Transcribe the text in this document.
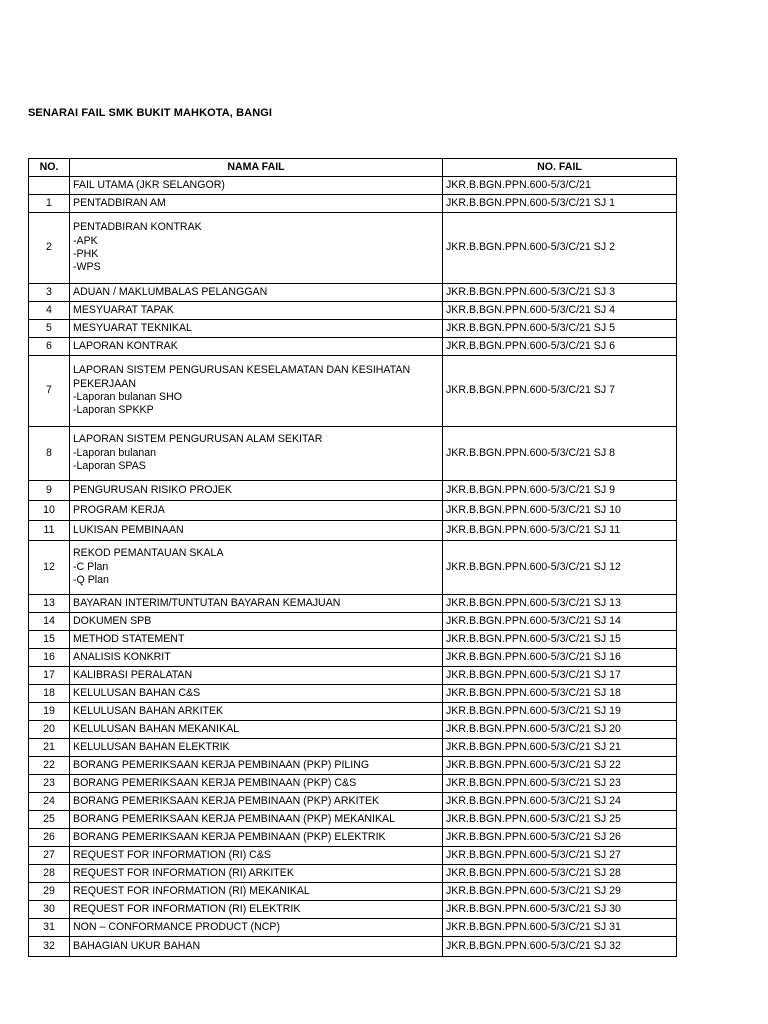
SENARAI FAIL SMK BUKIT MAHKOTA, BANGI
NO.	NAMA FAIL	NO. FAIL

	FAIL UTAMA (JKR SELANGOR)	JKR.B.BGN.PPN.600-5/3/C/21
1	PENTADBIRAN AM	JKR.B.BGN.PPN.600-5/3/C/21 SJ 1
2	PENTADBIRAN KONTRAK
-APK
-PHK
-WPS	JKR.B.BGN.PPN.600-5/3/C/21 SJ 2
3	ADUAN / MAKLUMBALAS PELANGGAN	JKR.B.BGN.PPN.600-5/3/C/21 SJ 3
4	MESYUARAT TAPAK	JKR.B.BGN.PPN.600-5/3/C/21 SJ 4
5	MESYUARAT TEKNIKAL	JKR.B.BGN.PPN.600-5/3/C/21 SJ 5
6	LAPORAN KONTRAK	JKR.B.BGN.PPN.600-5/3/C/21 SJ 6
7	LAPORAN SISTEM PENGURUSAN KESELAMATAN DAN KESIHATAN
PEKERJAAN
-Laporan bulanan SHO
-Laporan SPKKP	JKR.B.BGN.PPN.600-5/3/C/21 SJ 7
8	LAPORAN SISTEM PENGURUSAN ALAM SEKITAR
-Laporan bulanan
-Laporan SPAS	JKR.B.BGN.PPN.600-5/3/C/21 SJ 8
9	PENGURUSAN RISIKO PROJEK	JKR.B.BGN.PPN.600-5/3/C/21 SJ 9
10	PROGRAM KERJA	JKR.B.BGN.PPN.600-5/3/C/21 SJ 10
11	LUKISAN PEMBINAAN	JKR.B.BGN.PPN.600-5/3/C/21 SJ 11
12	REKOD PEMANTAUAN SKALA
-C Plan
-Q Plan	JKR.B.BGN.PPN.600-5/3/C/21 SJ 12
13	BAYARAN INTERIM/TUNTUTAN BAYARAN KEMAJUAN	JKR.B.BGN.PPN.600-5/3/C/21 SJ 13
14	DOKUMEN SPB	JKR.B.BGN.PPN.600-5/3/C/21 SJ 14
15	METHOD STATEMENT	JKR.B.BGN.PPN.600-5/3/C/21 SJ 15
16	ANALISIS KONKRIT	JKR.B.BGN.PPN.600-5/3/C/21 SJ 16
17	KALIBRASI PERALATAN	JKR.B.BGN.PPN.600-5/3/C/21 SJ 17
18	KELULUSAN BAHAN C&S	JKR.B.BGN.PPN.600-5/3/C/21 SJ 18
19	KELULUSAN BAHAN ARKITEK	JKR.B.BGN.PPN.600-5/3/C/21 SJ 19
20	KELULUSAN BAHAN MEKANIKAL	JKR.B.BGN.PPN.600-5/3/C/21 SJ 20
21	KELULUSAN BAHAN ELEKTRIK	JKR.B.BGN.PPN.600-5/3/C/21 SJ 21
22	BORANG PEMERIKSAAN KERJA PEMBINAAN (PKP) PILING	JKR.B.BGN.PPN.600-5/3/C/21 SJ 22
23	BORANG PEMERIKSAAN KERJA PEMBINAAN (PKP) C&S	JKR.B.BGN.PPN.600-5/3/C/21 SJ 23
24	BORANG PEMERIKSAAN KERJA PEMBINAAN (PKP) ARKITEK	JKR.B.BGN.PPN.600-5/3/C/21 SJ 24
25	BORANG PEMERIKSAAN KERJA PEMBINAAN (PKP) MEKANIKAL	JKR.B.BGN.PPN.600-5/3/C/21 SJ 25
26	BORANG PEMERIKSAAN KERJA PEMBINAAN (PKP) ELEKTRIK	JKR.B.BGN.PPN.600-5/3/C/21 SJ 26
27	REQUEST FOR INFORMATION (RI) C&S	JKR.B.BGN.PPN.600-5/3/C/21 SJ 27
28	REQUEST FOR INFORMATION (RI) ARKITEK	JKR.B.BGN.PPN.600-5/3/C/21 SJ 28
29	REQUEST FOR INFORMATION (RI) MEKANIKAL	JKR.B.BGN.PPN.600-5/3/C/21 SJ 29
30	REQUEST FOR INFORMATION (RI) ELEKTRIK	JKR.B.BGN.PPN.600-5/3/C/21 SJ 30
31	NON – CONFORMANCE PRODUCT (NCP)	JKR.B.BGN.PPN.600-5/3/C/21 SJ 31
32	BAHAGIAN UKUR BAHAN	JKR.B.BGN.PPN.600-5/3/C/21 SJ 32
